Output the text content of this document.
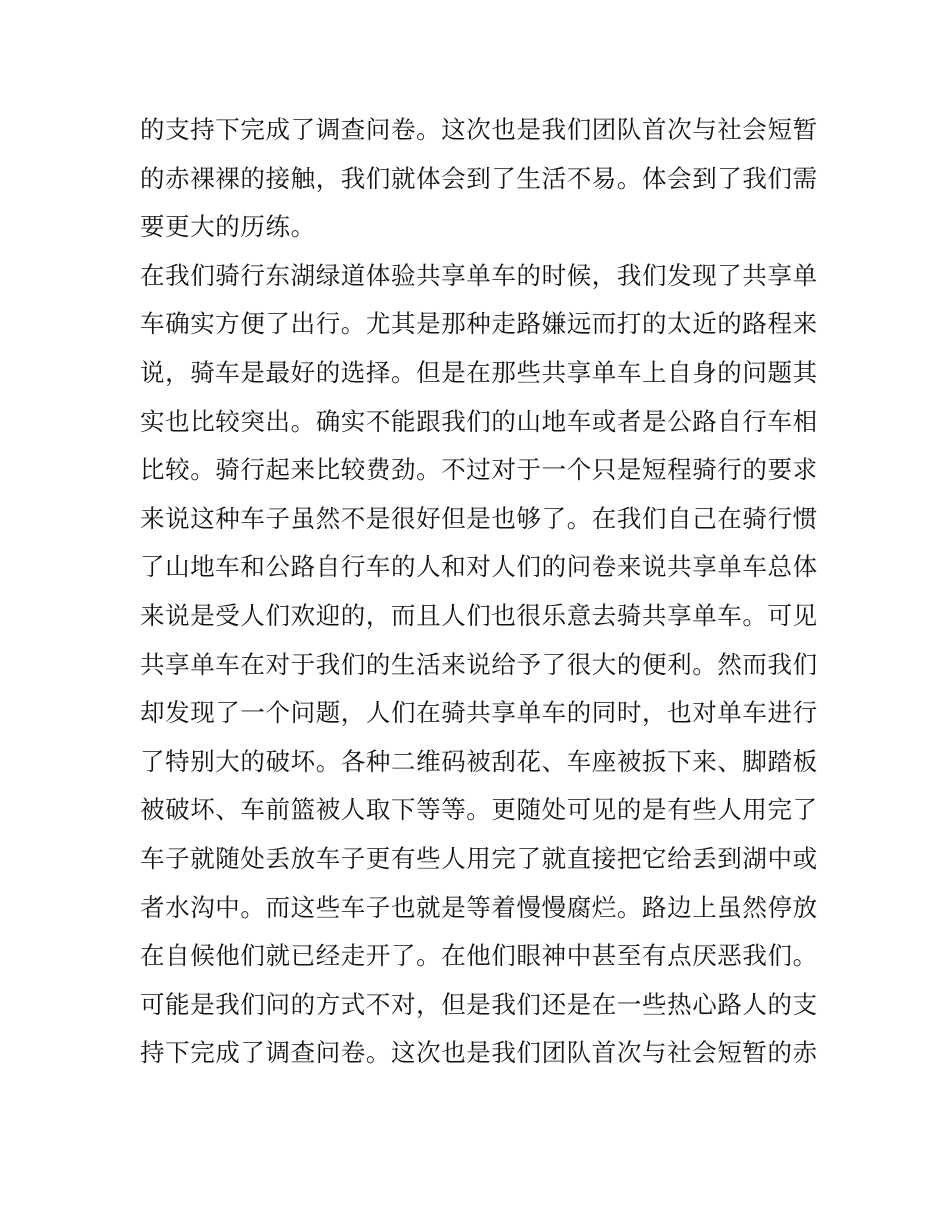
的支持下完成了调查问卷。这次也是我们团队首次与社会短暂
的赤裸裸的接触，我们就体会到了生活不易。体会到了我们需
要更大的历练。
在我们骑行东湖绿道体验共享单车的时候，我们发现了共享单
车确实方便了出行。尤其是那种走路嫌远而打的太近的路程来
说，骑车是最好的选择。但是在那些共享单车上自身的问题其
实也比较突出。确实不能跟我们的山地车或者是公路自行车相
比较。骑行起来比较费劲。不过对于一个只是短程骑行的要求
来说这种车子虽然不是很好但是也够了。在我们自己在骑行惯
了山地车和公路自行车的人和对人们的问卷来说共享单车总体
来说是受人们欢迎的，而且人们也很乐意去骑共享单车。可见
共享单车在对于我们的生活来说给予了很大的便利。然而我们
却发现了一个问题，人们在骑共享单车的同时，也对单车进行
了特别大的破坏。各种二维码被刮花、车座被扳下来、脚踏板
被破坏、车前篮被人取下等等。更随处可见的是有些人用完了
车子就随处丢放车子更有些人用完了就直接把它给丢到湖中或
者水沟中。而这些车子也就是等着慢慢腐烂。路边上虽然停放
在自候他们就已经走开了。在他们眼神中甚至有点厌恶我们。
可能是我们问的方式不对，但是我们还是在一些热心路人的支
持下完成了调查问卷。这次也是我们团队首次与社会短暂的赤
